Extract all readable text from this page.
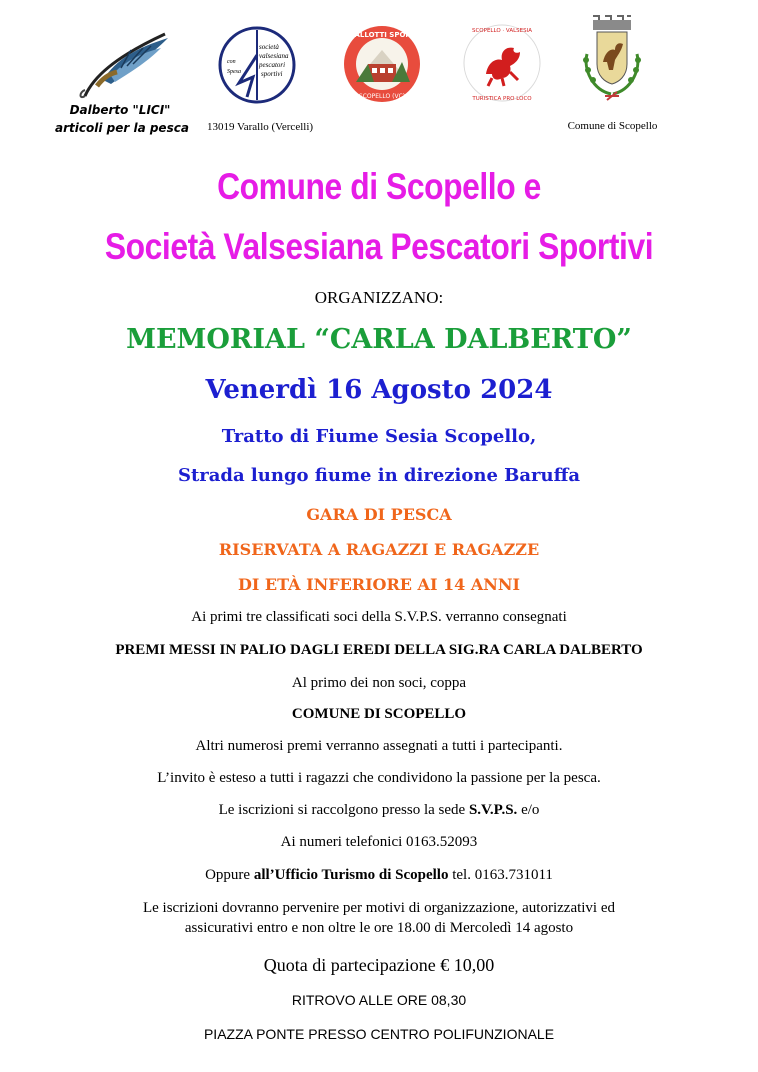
Dalberto "LICI"
articoli per la pesca
società
valsesiana
pescatori
sportivi
con
Spesa
13019 Varallo (Vercelli)
GALLOTTI SPORT
SCOPELLO (VC)
SCOPELLO · VALSESIA
TURISTICA PRO LOCO
Comune di Scopello
Comune di Scopello e
Società Valsesiana Pescatori Sportivi
ORGANIZZANO:
MEMORIAL “CARLA DALBERTO”
Venerdì 16 Agosto 2024
Tratto di Fiume Sesia Scopello,
Strada lungo fiume in direzione Baruffa
GARA DI PESCA
RISERVATA A RAGAZZI E RAGAZZE
DI ETÀ INFERIORE AI 14 ANNI
Ai primi tre classificati soci della S.V.P.S. verranno consegnati
PREMI MESSI IN PALIO DAGLI EREDI DELLA SIG.RA CARLA DALBERTO
Al primo dei non soci, coppa
COMUNE DI SCOPELLO
Altri numerosi premi verranno assegnati a tutti i partecipanti.
L’invito è esteso a tutti i ragazzi che condividono la passione per la pesca.
Le iscrizioni si raccolgono presso la sede S.V.P.S. e/o
Ai numeri telefonici 0163.52093
Oppure all’Ufficio Turismo di Scopello tel. 0163.731011
Le iscrizioni dovranno pervenire per motivi di organizzazione, autorizzativi ed
assicurativi entro e non oltre le ore 18.00 di Mercoledì 14 agosto
Quota di partecipazione € 10,00
RITROVO ALLE ORE 08,30
PIAZZA PONTE PRESSO CENTRO POLIFUNZIONALE
